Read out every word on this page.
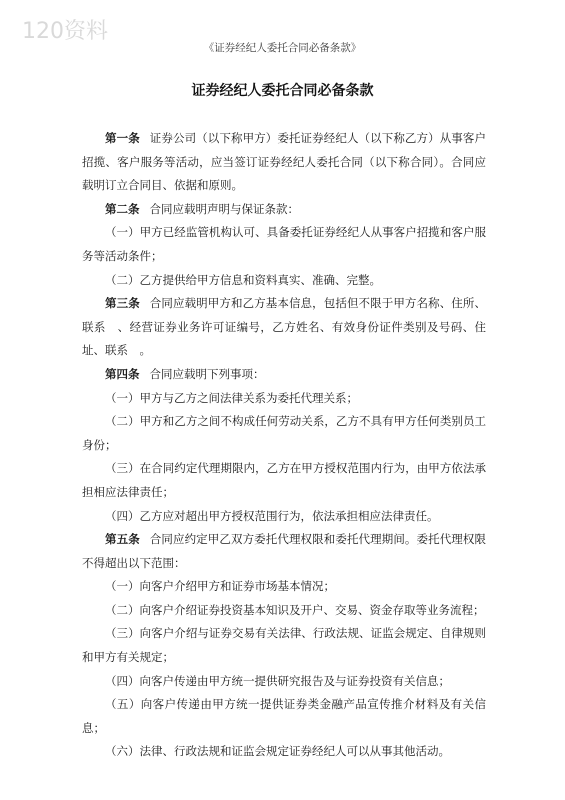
120资料
《证券经纪人委托合同必备条款》
证券经纪人委托合同必备条款

第一条 证券公司（以下称甲方）委托证券经纪人（以下称乙方）从事客户招揽、客户服务等活动，应当签订证券经纪人委托合同（以下称合同）。合同应载明订立合同目、依据和原则。

第二条 合同应载明声明与保证条款：

（一）甲方已经监管机构认可、具备委托证券经纪人从事客户招揽和客户服务等活动条件；

（二）乙方提供给甲方信息和资料真实、准确、完整。

第三条 合同应载明甲方和乙方基本信息，包括但不限于甲方名称、住所、联系　、经营证券业务许可证编号，乙方姓名、有效身份证件类别及号码、住址、联系　。

第四条 合同应载明下列事项：

（一）甲方与乙方之间法律关系为委托代理关系；

（二）甲方和乙方之间不构成任何劳动关系，乙方不具有甲方任何类别员工身份；

（三）在合同约定代理期限内，乙方在甲方授权范围内行为，由甲方依法承担相应法律责任；

（四）乙方应对超出甲方授权范围行为，依法承担相应法律责任。

第五条 合同应约定甲乙双方委托代理权限和委托代理期间。委托代理权限不得超出以下范围：

（一）向客户介绍甲方和证券市场基本情况；

（二）向客户介绍证券投资基本知识及开户、交易、资金存取等业务流程；

（三）向客户介绍与证券交易有关法律、行政法规、证监会规定、自律规则和甲方有关规定；

（四）向客户传递由甲方统一提供研究报告及与证券投资有关信息；

（五）向客户传递由甲方统一提供证券类金融产品宣传推介材料及有关信息；

（六）法律、行政法规和证监会规定证券经纪人可以从事其他活动。
